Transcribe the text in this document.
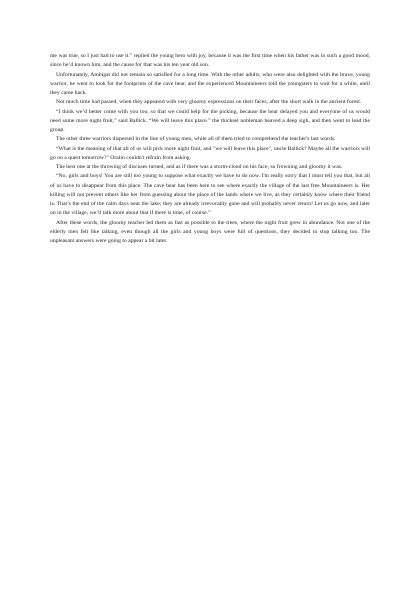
me was true, so I just had to use it.” replied the young hero with joy, because it was the first time when his father was in such a good mood, since he’d known him, and the cause for that was his ten year old son.

Unfortunately, Ambigat did not remain so satisfied for a long time. With the other adults, who were also delighted with the brave, young warrior, he went to look for the footprints of the cave bear, and the experienced Mountaineers told the youngsters to wait for a while, until they came back.

Not much time had passed, when they appeared with very gloomy expressions on their faces, after the short walk in the ancient forest.

“I think we’d better come with you too, so that we could help for the picking, because the bear delayed you and everyone of us would need some more night fruit,” said Ballick. “We will leave this place.” the thickset nobleman heaved a deep sigh, and then went to lead the group.

The other three warriors dispersed in the line of young men, while all of them tried to comprehend the teacher's last words.

“What is the meaning of that all of us will pick more night fruit, and "we will leave this place", uncle Ballick? Maybe all the warriors will go on a quest tomorrow?" Oralin couldn't refrain from asking.

The best one at the throwing of discuses turned, and as if there was a storm-cloud on his face, so frowning and gloomy it was.

“No, girls and boys! You are still too young to suppose what exactly we have to do now. I'm really sorry that I must tell you that, but all of us have to disappear from this place. The cave bear has been here to see where exactly the village of the last free Mountaineers is. Her killing will not prevent others like her from guessing about the place of the lands where we live, as they certainly know where their friend is. That’s the end of the calm days near the lake; they are already irrevocably gone and will probably never return! Let us go now, and later on in the village, we’ll talk more about that if there is time, of course.”

After these words, the gloomy teacher led them as fast as possible to the trees, where the night fruit grew in abundance. Not one of the elderly men felt like talking, even though all the girls and young boys were full of questions, they decided to stop talking too. The unpleasant answers were going to appear a bit later.
